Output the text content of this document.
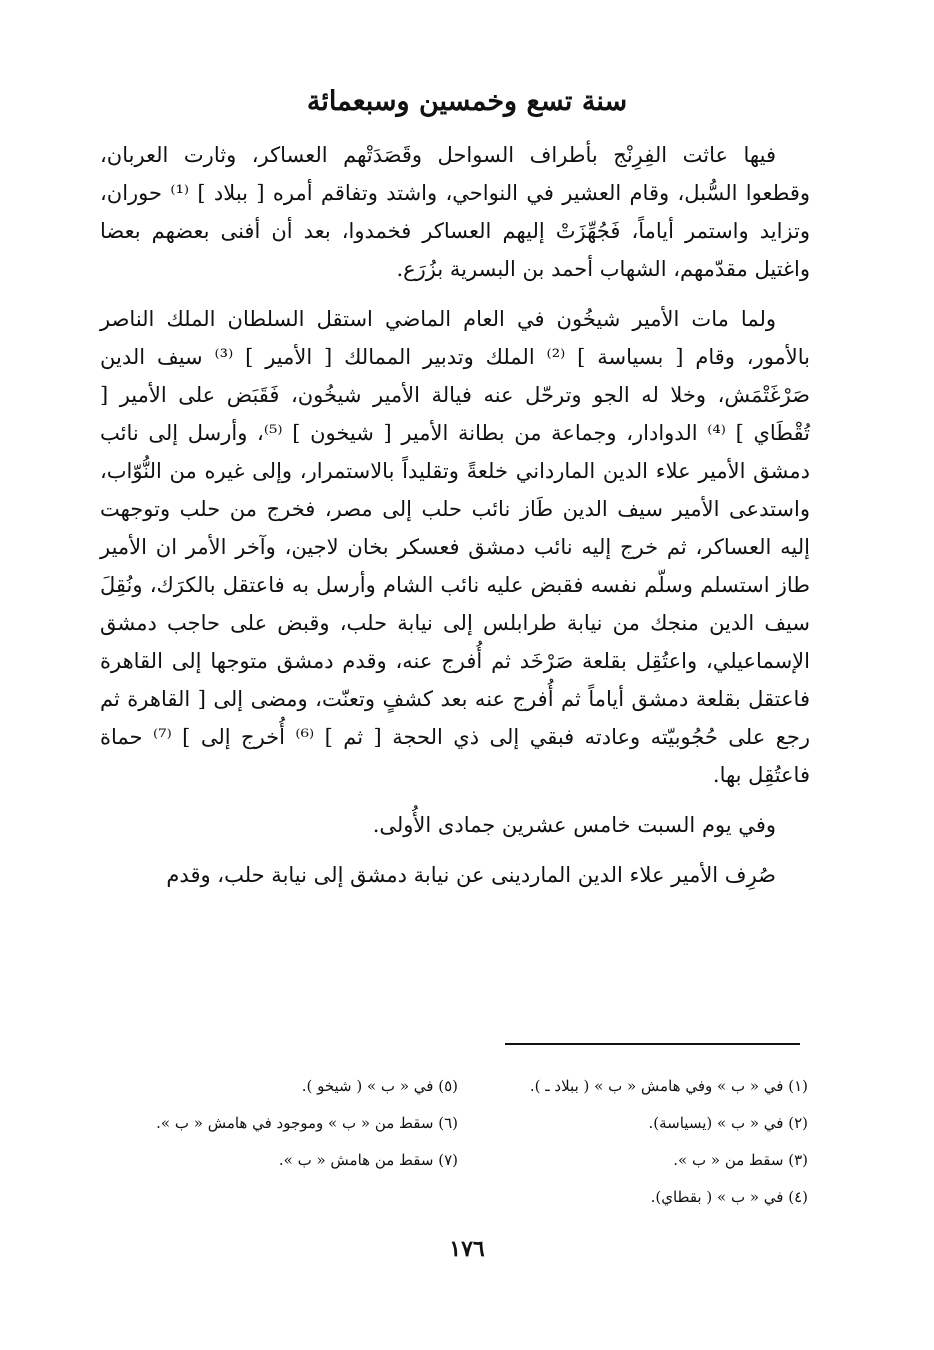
سنة تسع وخمسين وسبعمائة

فيها عاثت الفِرِنْج بأطراف السواحل وقَصَدَتْهم العساكر، وثارت العربان، وقطعوا السُّبل، وقام العشير في النواحي، واشتد وتفاقم أمره [ ببلاد ] ⁽¹⁾ حوران، وتزايد واستمر أياماً، فَجُهِّزَتْ إليهم العساكر فخمدوا، بعد أن أفنى بعضهم بعضا واغتيل مقدّمهم، الشهاب أحمد بن البسرية بزُرَع.

ولما مات الأمير شيخُون في العام الماضي استقل السلطان الملك الناصر بالأمور، وقام [ بسياسة ] ⁽²⁾ الملك وتدبير الممالك [ الأمير ] ⁽³⁾ سيف الدين صَرْغَتْمَش، وخلا له الجو وترحّل عنه فيالة الأمير شيخُون، فَقَبَض على الأمير [ تُقْطَاي ] ⁽⁴⁾ الدوادار، وجماعة من بطانة الأمير [ شيخون ] ⁽⁵⁾، وأرسل إلى نائب دمشق الأمير علاء الدين المارداني خلعةً وتقليداً بالاستمرار، وإلى غيره من النُّوّاب، واستدعى الأمير سيف الدين طَاز نائب حلب إلى مصر، فخرج من حلب وتوجهت إليه العساكر، ثم خرج إليه نائب دمشق فعسكر بخان لاجين، وآخر الأمر ان الأمير طاز استسلم وسلّم نفسه فقبض عليه نائب الشام وأرسل به فاعتقل بالكرَك، ونُقِلَ سيف الدين منجك من نيابة طرابلس إلى نيابة حلب، وقبض على حاجب دمشق الإسماعيلي، واعتُقِل بقلعة صَرْخَد ثم أُفرج عنه، وقدم دمشق متوجها إلى القاهرة فاعتقل بقلعة دمشق أياماً ثم أُفرج عنه بعد كشفٍ وتعنّت، ومضى إلى [ القاهرة ثم رجع على حُجُوبيّته وعادته فبقي إلى ذي الحجة [ ثم ] ⁽⁶⁾ أُخرج إلى ] ⁽⁷⁾ حماة فاعتُقِل بها.

وفي يوم السبت خامس عشرين جمادى الأُولى.

صُرِف الأمير علاء الدين الماردينى عن نيابة دمشق إلى نيابة حلب، وقدم

(١) في « ب » وفي هامش « ب » ( ببلاد ـ ).

(٢) في « ب » (يسياسة).

(٣) سقط من « ب ».

(٤) في « ب » ( بقطاي).

(٥) في « ب » ( شيخو ).

(٦) سقط من « ب » وموجود في هامش « ب ».

(٧) سقط من هامش « ب ».

١٧٦
